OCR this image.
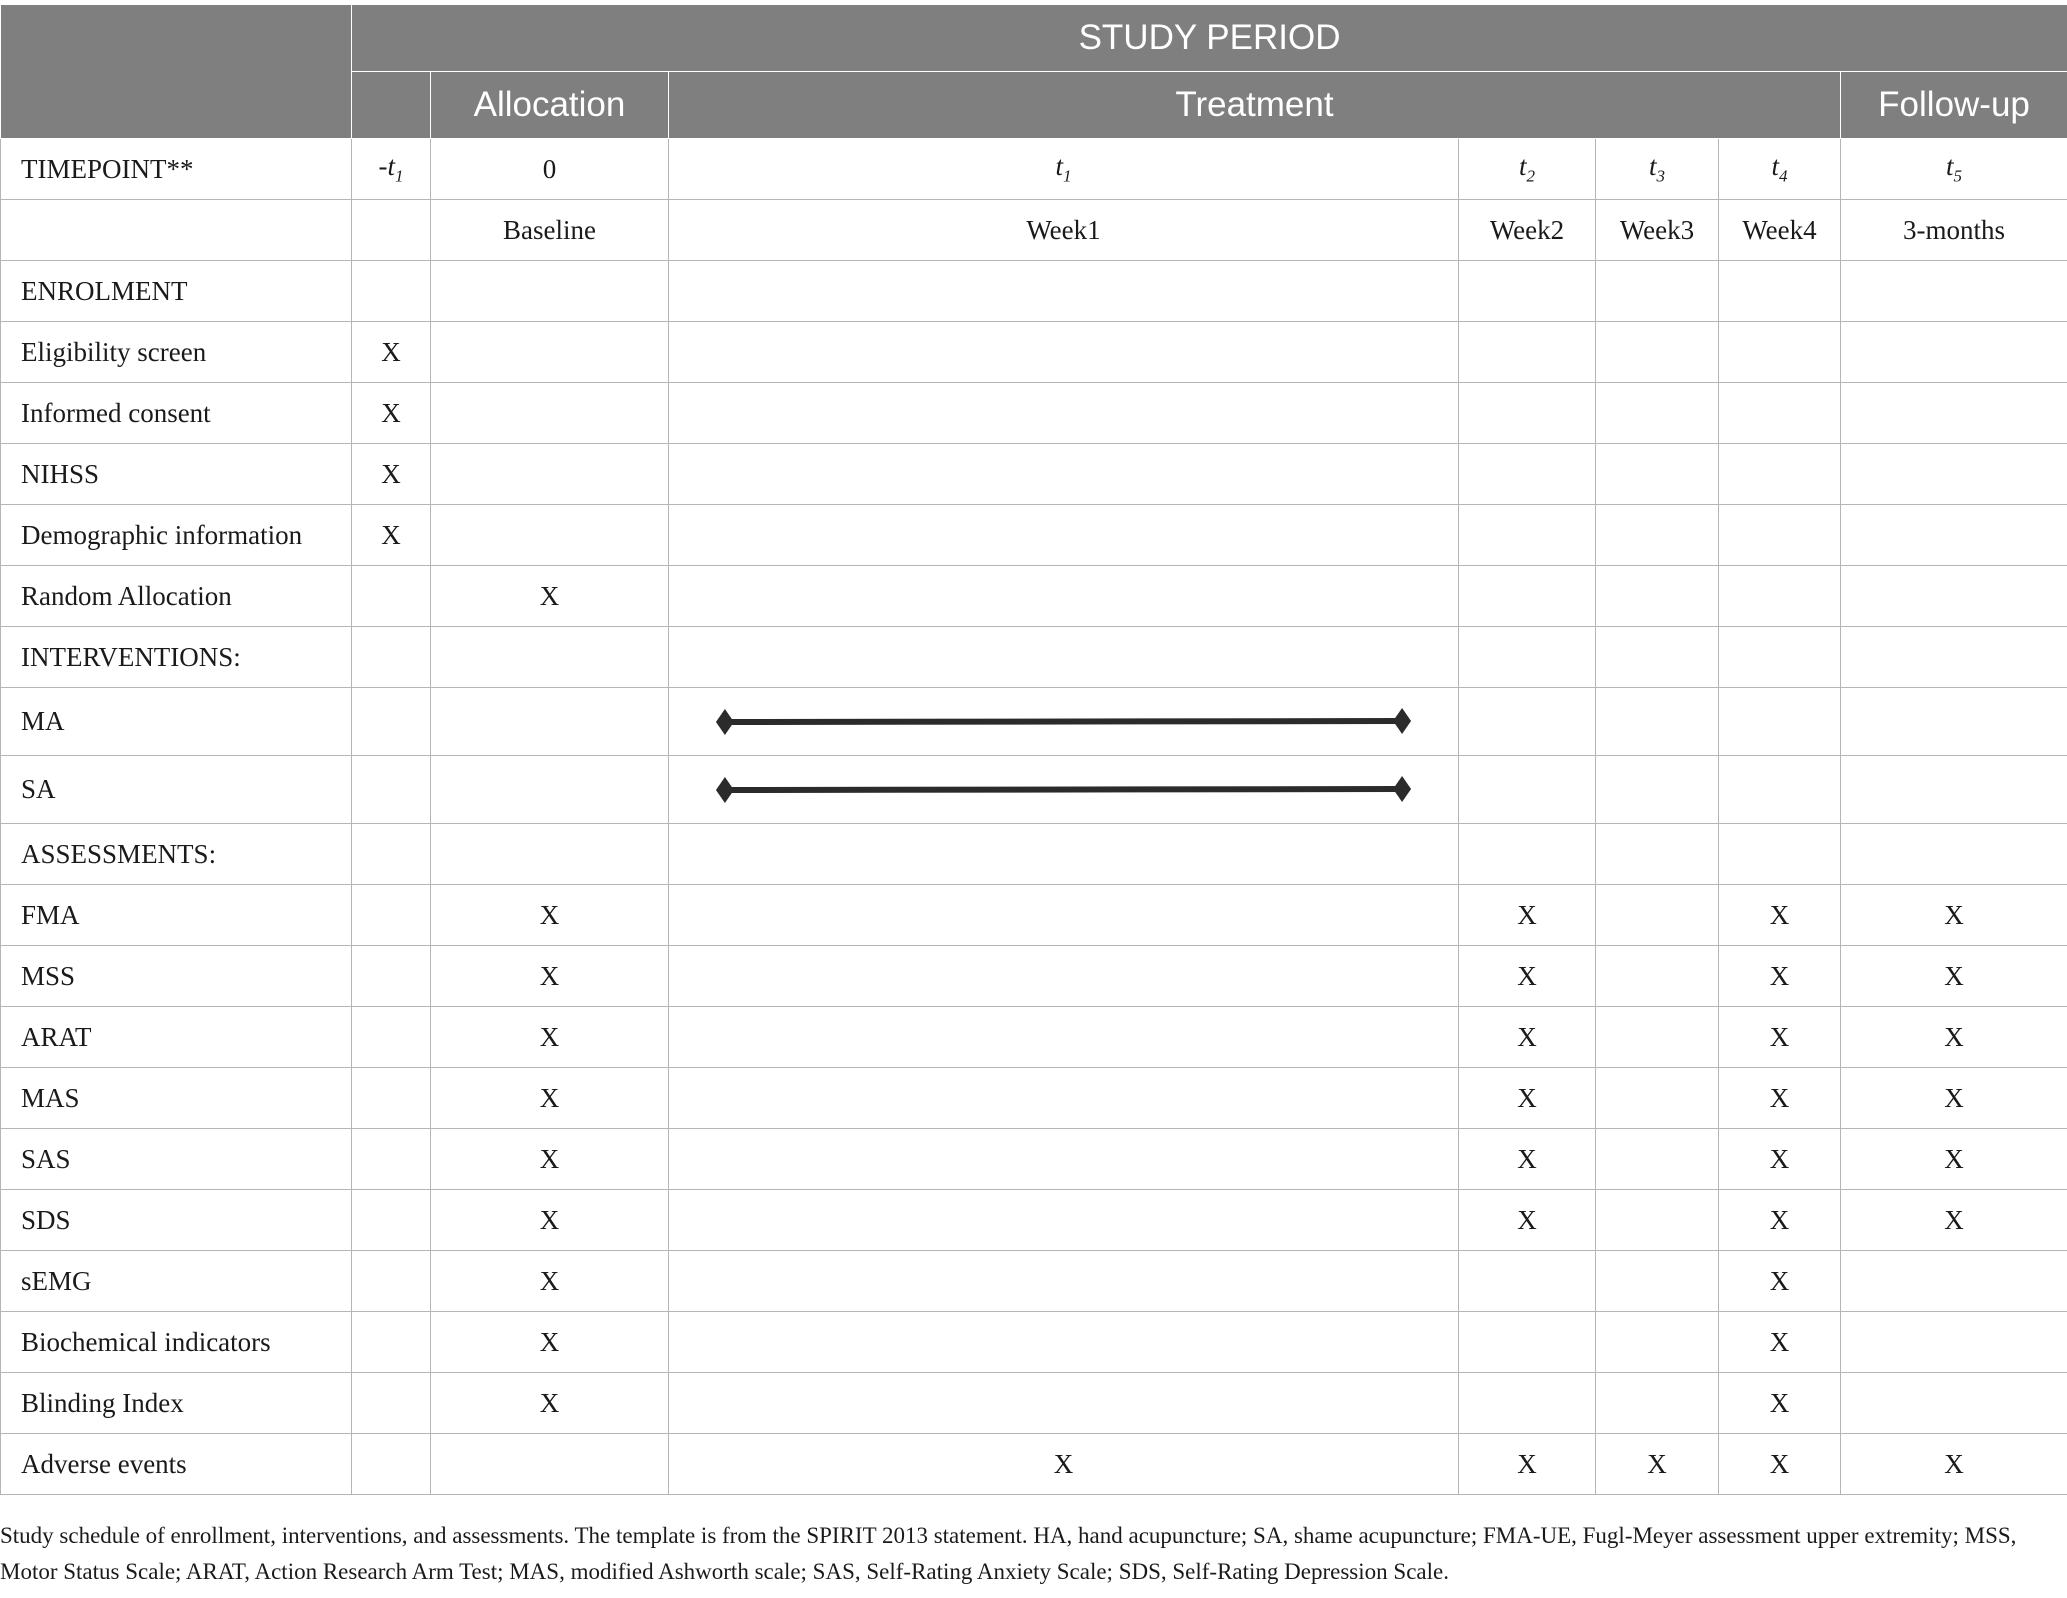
	STUDY PERIOD						
		Allocation	Treatment				Follow-up
TIMEPOINT**	$-t_1$	0	$t_1$	$t_2$	$t_3$	$t_4$	$t_5$
		Baseline	Week1	Week2	Week3	Week4	3-months
ENROLMENT							
Eligibility screen	X						
Informed consent	X						
NIHSS	X						
Demographic information	X						
Random Allocation		X					
INTERVENTIONS:							
MA			

SA			

ASSESSMENTS:							
FMA		X		X		X	X
MSS		X		X		X	X
ARAT		X		X		X	X
MAS		X		X		X	X
SAS		X		X		X	X
SDS		X		X		X	X
sEMG		X				X	
Biochemical indicators		X				X	
Blinding Index		X				X	
Adverse events			X	X	X	X	X
Study schedule of enrollment, interventions, and assessments. The template is from the SPIRIT 2013 statement. HA, hand acupuncture; SA, shame acupuncture; FMA-UE, Fugl-Meyer assessment upper extremity; MSS, Motor Status Scale; ARAT, Action Research Arm Test; MAS, modified Ashworth scale; SAS, Self-Rating Anxiety Scale; SDS, Self-Rating Depression Scale.
